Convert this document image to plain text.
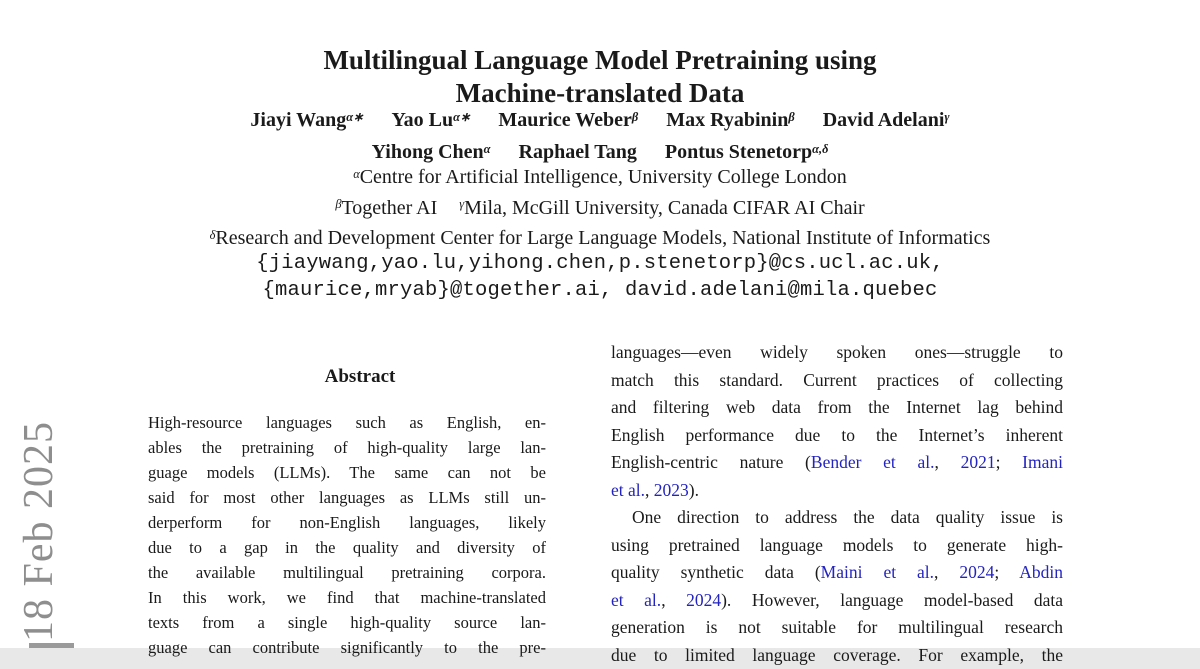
18 Feb 2025
Multilingual Language Model Pretraining using
Machine-translated Data
Jiayi Wang$^{\alpha∗}$ Yao $Lu^{\alpha∗}$ Maurice Weber$^\beta$ Max Ryabinin$^\beta$ David Adelani$^\gamma$
Yihong Chen$^\alpha$ Raphael Tang Pontus Stenetorp$^{\alpha,\delta}$
$^\alpha$Centre for Artificial Intelligence, University College London
$^\beta$Together AI $^\gamma$Mila, McGill University, Canada CIFAR AI Chair
$^\delta$Research and Development Center for Large Language Models, National Institute of Informatics
{jiaywang,yao.lu,yihong.chen,p.stenetorp}@cs.ucl.ac.uk,
{maurice,mryab}@together.ai, david.adelani@mila.quebec
Abstract
High-resource languages such as English, en-
ables the pretraining of high-quality large lan-
guage models (LLMs). The same can not be
said for most other languages as LLMs still un-
derperform for non-English languages, likely
due to a gap in the quality and diversity of
the available multilingual pretraining corpora.
In this work, we find that machine-translated
texts from a single high-quality source lan-
guage can contribute significantly to the pre-
languages—even widely spoken ones—struggle to
match this standard. Current practices of collecting
and filtering web data from the Internet lag behind
English performance due to the Internet’s inherent
English-centric nature (Bender et al., 2021; Imani
et al., 2023).
One direction to address the data quality issue is
using pretrained language models to generate high-
quality synthetic data (Maini et al., 2024; Abdin
et al., 2024). However, language model-based data
generation is not suitable for multilingual research
due to limited language coverage. For example, the
